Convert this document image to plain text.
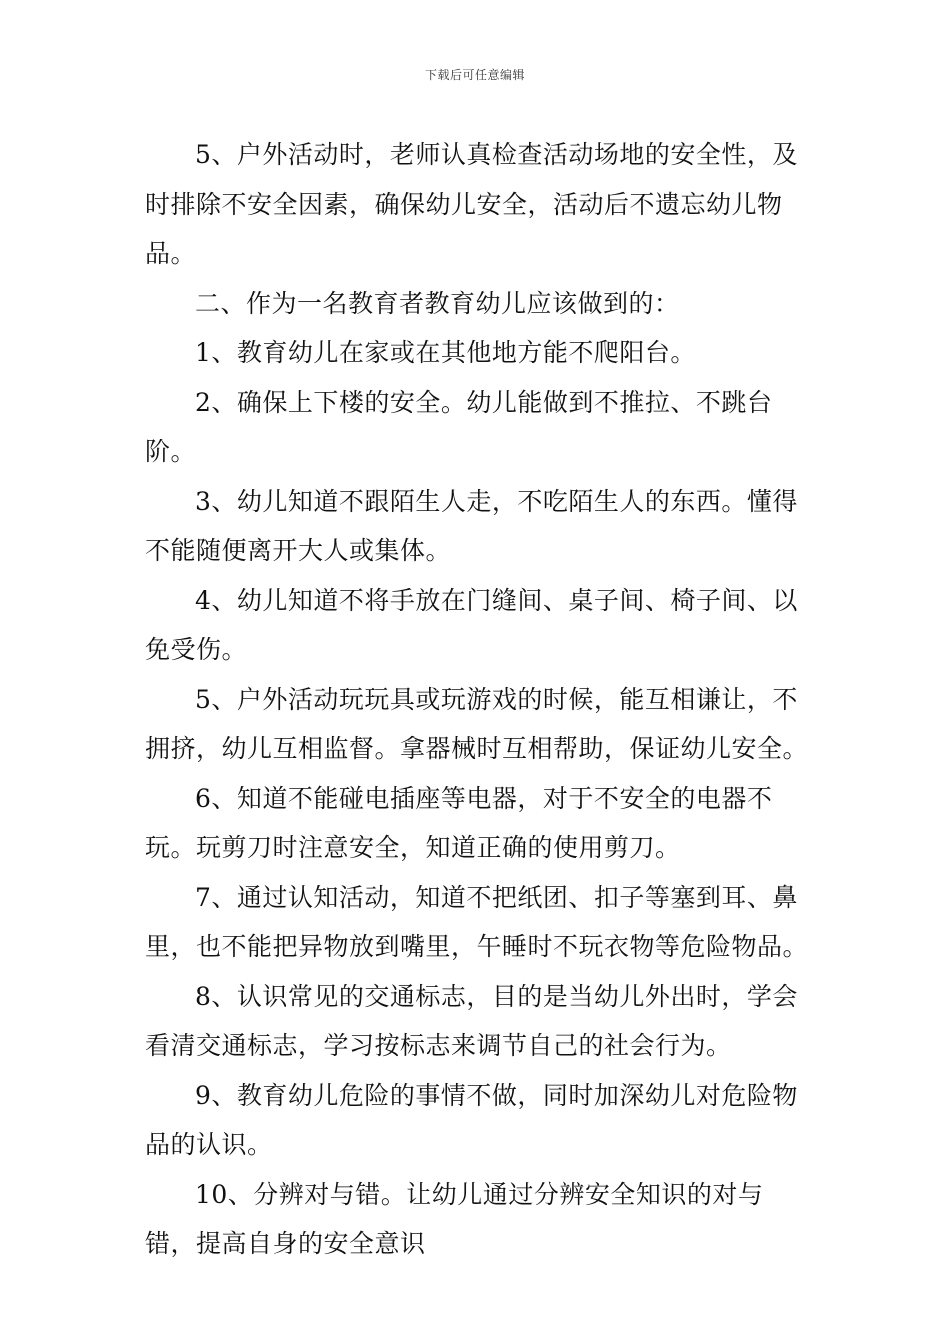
下载后可任意编辑

5、户外活动时，老师认真检查活动场地的安全性，及时排除不安全因素，确保幼儿安全，活动后不遗忘幼儿物品。

二、作为一名教育者教育幼儿应该做到的：

1、教育幼儿在家或在其他地方能不爬阳台。

2、确保上下楼的安全。幼儿能做到不推拉、不跳台阶。

3、幼儿知道不跟陌生人走，不吃陌生人的东西。懂得不能随便离开大人或集体。

4、幼儿知道不将手放在门缝间、桌子间、椅子间、以免受伤。

5、户外活动玩玩具或玩游戏的时候，能互相谦让，不拥挤，幼儿互相监督。拿器械时互相帮助，保证幼儿安全。

6、知道不能碰电插座等电器，对于不安全的电器不玩。玩剪刀时注意安全，知道正确的使用剪刀。

7、通过认知活动，知道不把纸团、扣子等塞到耳、鼻里，也不能把异物放到嘴里，午睡时不玩衣物等危险物品。

8、认识常见的交通标志，目的是当幼儿外出时，学会看清交通标志，学习按标志来调节自己的社会行为。

9、教育幼儿危险的事情不做，同时加深幼儿对危险物品的认识。

10、分辨对与错。让幼儿通过分辨安全知识的对与错，提高自身的安全意识
